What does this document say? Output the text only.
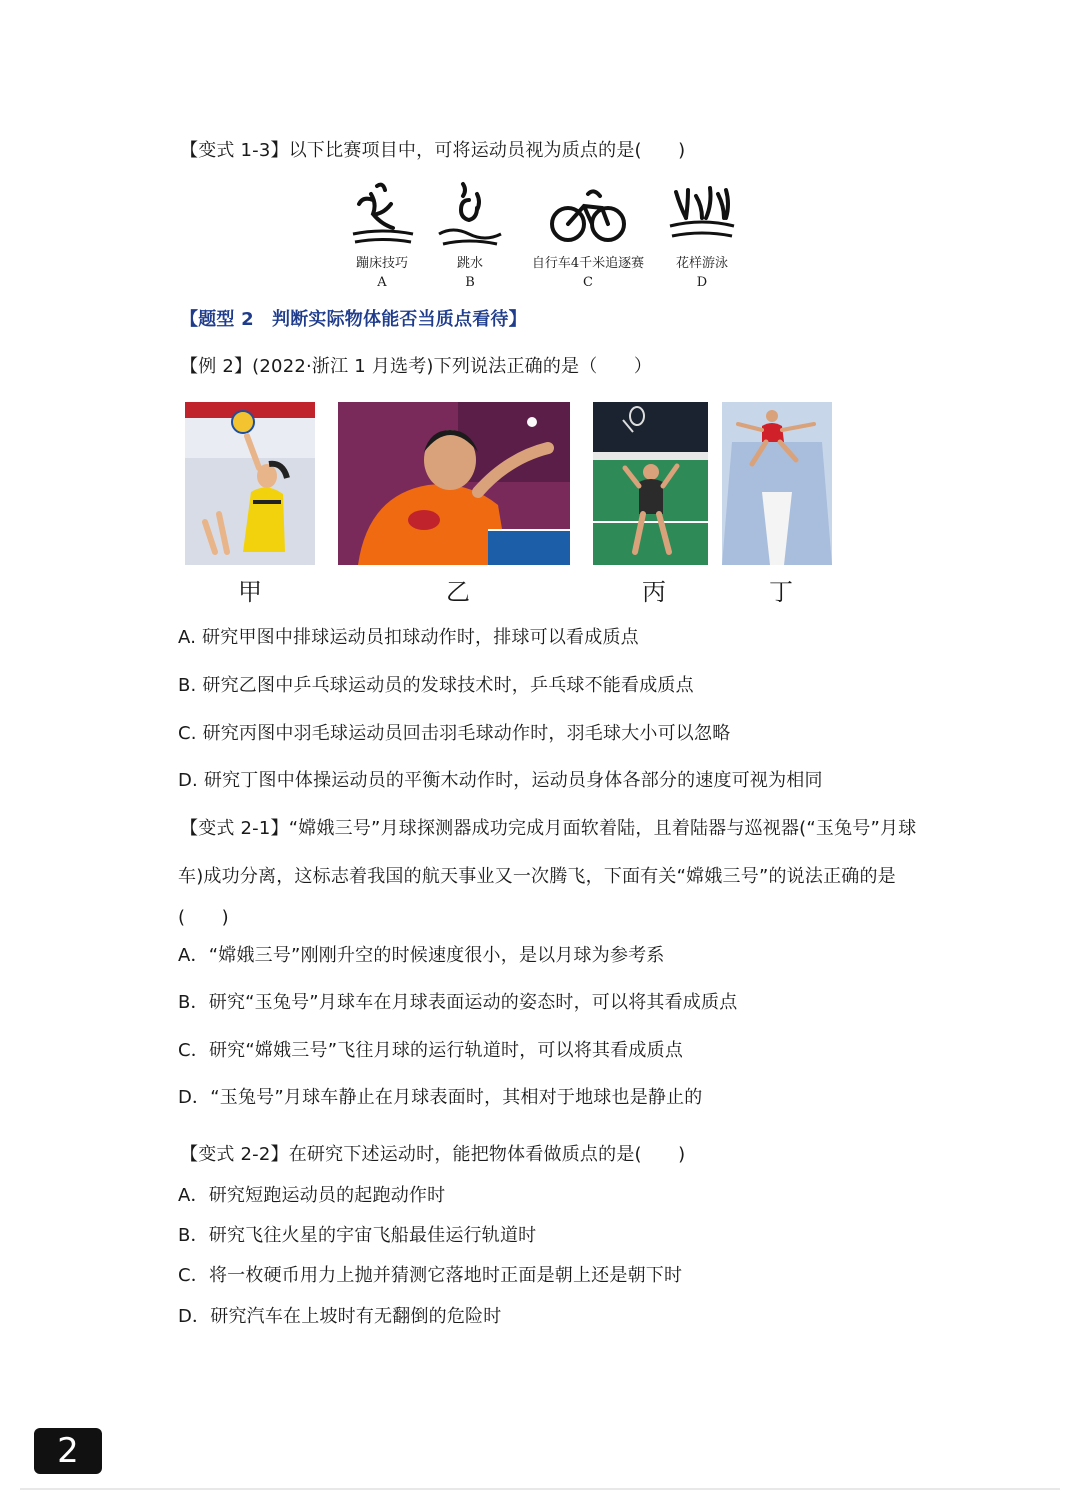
【变式 1-3】以下比赛项目中，可将运动员视为质点的是(　　)
蹦床技巧
A
跳水
B
自行车4千米追逐赛
C
花样游泳
D
【题型 2　判断实际物体能否当质点看待】
【例 2】(2022·浙江 1 月选考)下列说法正确的是（　　）
甲	乙	丙	丁
A. 研究甲图中排球运动员扣球动作时，排球可以看成质点
B. 研究乙图中乒乓球运动员的发球技术时，乒乓球不能看成质点
C. 研究丙图中羽毛球运动员回击羽毛球动作时，羽毛球大小可以忽略
D. 研究丁图中体操运动员的平衡木动作时，运动员身体各部分的速度可视为相同
【变式 2-1】“嫦娥三号”月球探测器成功完成月面软着陆，且着陆器与巡视器(“玉兔号”月球
车)成功分离，这标志着我国的航天事业又一次腾飞，下面有关“嫦娥三号”的说法正确的是
(　　)
A．“嫦娥三号”刚刚升空的时候速度很小，是以月球为参考系
B．研究“玉兔号”月球车在月球表面运动的姿态时，可以将其看成质点
C．研究“嫦娥三号”飞往月球的运行轨道时，可以将其看成质点
D．“玉兔号”月球车静止在月球表面时，其相对于地球也是静止的
【变式 2-2】在研究下述运动时，能把物体看做质点的是(　　)
A．研究短跑运动员的起跑动作时
B．研究飞往火星的宇宙飞船最佳运行轨道时
C．将一枚硬币用力上抛并猜测它落地时正面是朝上还是朝下时
D．研究汽车在上坡时有无翻倒的危险时
2
